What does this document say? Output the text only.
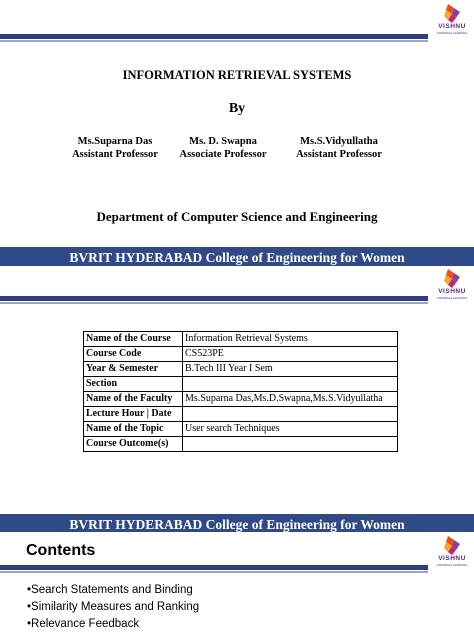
VISHNU
UNIVERSAL LEARNING
INFORMATION RETRIEVAL SYSTEMS
By
Ms.Suparna Das
Assistant Professor
Ms. D. Swapna
Associate Professor
Ms.S.Vidyullatha
Assistant Professor
Department of Computer Science and Engineering
BVRIT HYDERABAD College of Engineering for Women
VISHNU
UNIVERSAL LEARNING
Name of the Course	Information Retrieval Systems
Course Code	CS523PE
Year & Semester	B.Tech III Year I Sem
Section	
Name of the Faculty	Ms.Suparna Das,Ms.D.Swapna,Ms.S.Vidyullatha
Lecture Hour | Date	
Name of the Topic	User search Techniques
Course Outcome(s)	
BVRIT HYDERABAD College of Engineering for Women
Contents	VISHNU
UNIVERSAL LEARNING
•Search Statements and Binding
•Similarity Measures and Ranking
•Relevance Feedback
